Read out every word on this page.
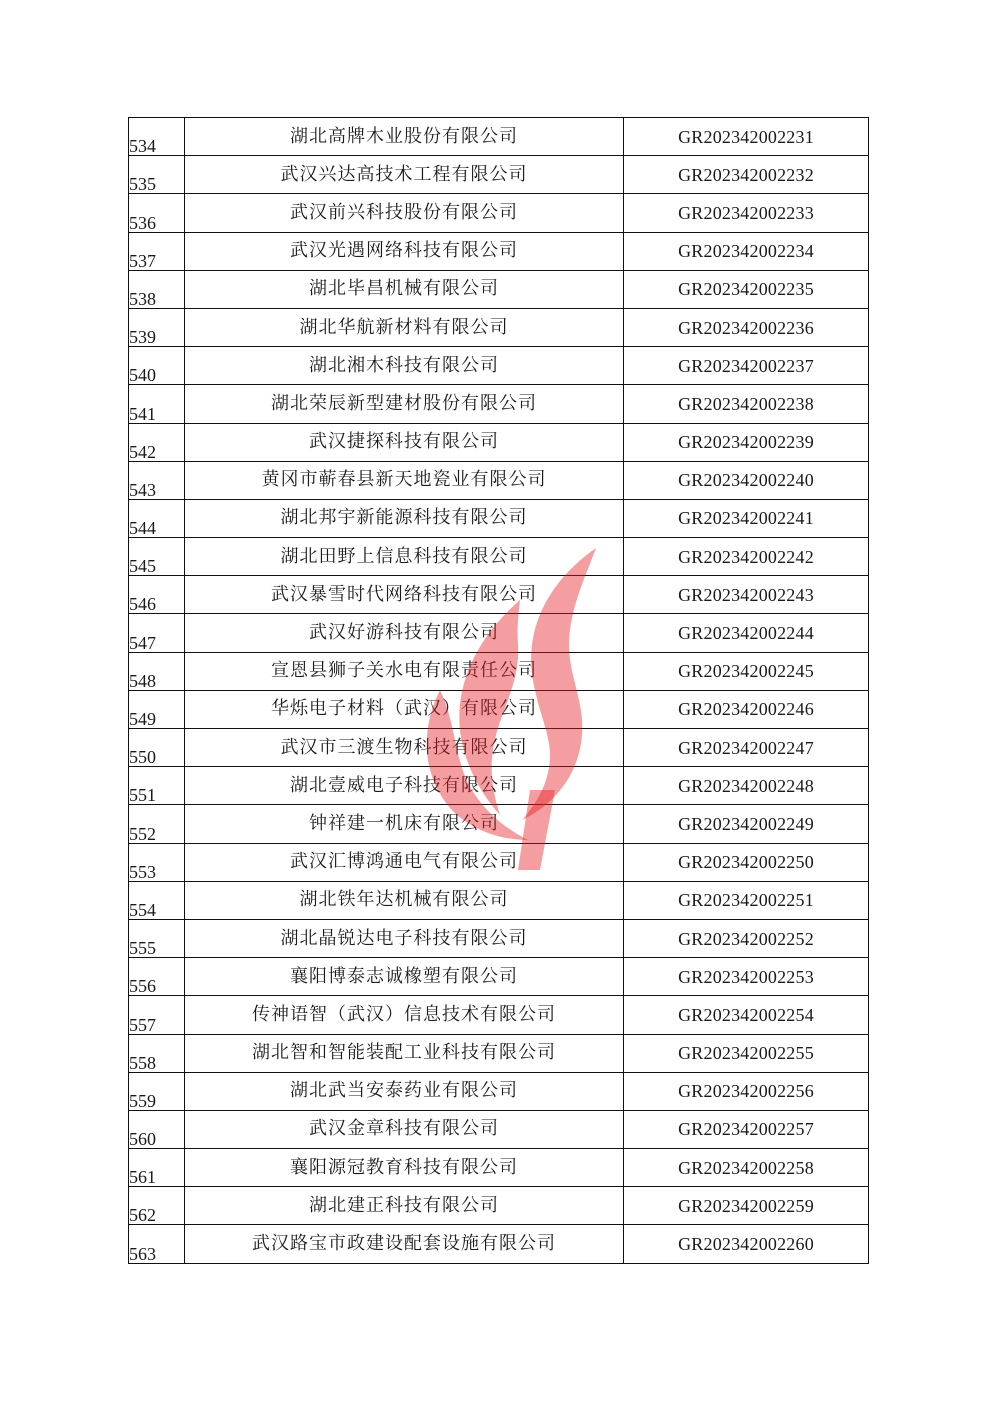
534	湖北高牌木业股份有限公司	GR202342002231
535	武汉兴达高技术工程有限公司	GR202342002232
536	武汉前兴科技股份有限公司	GR202342002233
537	武汉光遇网络科技有限公司	GR202342002234
538	湖北毕昌机械有限公司	GR202342002235
539	湖北华航新材料有限公司	GR202342002236
540	湖北湘木科技有限公司	GR202342002237
541	湖北荣辰新型建材股份有限公司	GR202342002238
542	武汉捷探科技有限公司	GR202342002239
543	黄冈市蕲春县新天地瓷业有限公司	GR202342002240
544	湖北邦宇新能源科技有限公司	GR202342002241
545	湖北田野上信息科技有限公司	GR202342002242
546	武汉暴雪时代网络科技有限公司	GR202342002243
547	武汉好游科技有限公司	GR202342002244
548	宣恩县狮子关水电有限责任公司	GR202342002245
549	华烁电子材料（武汉）有限公司	GR202342002246
550	武汉市三渡生物科技有限公司	GR202342002247
551	湖北壹威电子科技有限公司	GR202342002248
552	钟祥建一机床有限公司	GR202342002249
553	武汉汇博鸿通电气有限公司	GR202342002250
554	湖北铁年达机械有限公司	GR202342002251
555	湖北晶锐达电子科技有限公司	GR202342002252
556	襄阳博泰志诚橡塑有限公司	GR202342002253
557	传神语智（武汉）信息技术有限公司	GR202342002254
558	湖北智和智能装配工业科技有限公司	GR202342002255
559	湖北武当安泰药业有限公司	GR202342002256
560	武汉金章科技有限公司	GR202342002257
561	襄阳源冠教育科技有限公司	GR202342002258
562	湖北建正科技有限公司	GR202342002259
563	武汉路宝市政建设配套设施有限公司	GR202342002260
